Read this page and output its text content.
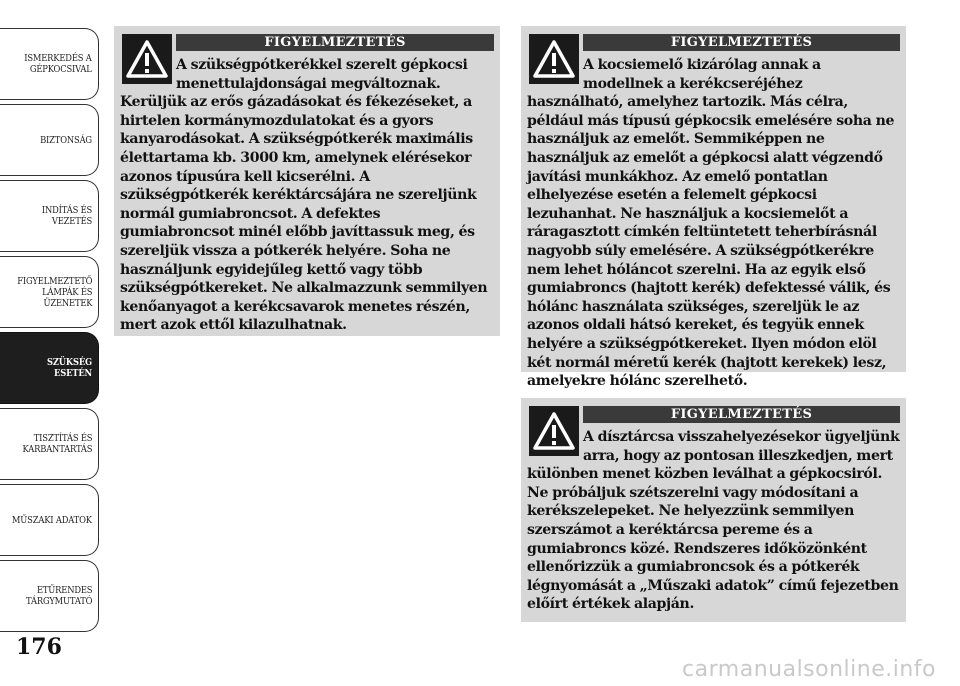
ISMERKEDÉS A
GÉPKOCSIVAL
BIZTONSÁG
INDÍTÁS ÉS
VEZETÉS
FIGYELMEZTETŐ
LÁMPÁK ÉS
ÜZENETEK
SZÜKSÉG ESETÉN
TISZTÍTÁS ÉS
KARBANTARTÁS
MŰSZAKI ADATOK
ETŰRENDES
TÁRGYMUTATÓ
176
FIGYELMEZTETÉS

A szükségpótkerékkel szerelt gépkocsi menettulajdonságai megváltoznak. Kerüljük az erős gázadásokat és fékezéseket, a hirtelen kormánymozdulatokat és a gyors kanyarodásokat. A szükségpótkerék maximális élettartama kb. 3000 km, amelynek elérésekor azonos típusúra kell kicserélni. A szükségpótkerék keréktárcsájára ne szereljünk normál gumiabroncsot. A defektes gumiabroncsot minél előbb javíttassuk meg, és szereljük vissza a pótkerék helyére. Soha ne használjunk egyidejűleg kettő vagy több szükségpótkereket. Ne alkalmazzunk semmilyen kenőanyagot a kerékcsavarok menetes részén, mert azok ettől kilazulhatnak.

FIGYELMEZTETÉS

A kocsiemelő kizárólag annak a modellnek a kerékcseréjéhez használható, amelyhez tartozik. Más célra, például más típusú gépkocsik emelésére soha ne használjuk az emelőt. Semmiképpen ne használjuk az emelőt a gépkocsi alatt végzendő javítási munkákhoz. Az emelő pontatlan elhelyezése esetén a felemelt gépkocsi lezuhanhat. Ne használjuk a kocsiemelőt a ráragasztott címkén feltüntetett teherbírásnál nagyobb súly emelésére. A szükségpótkerékre nem lehet hóláncot szerelni. Ha az egyik első gumiabroncs (hajtott kerék) defektessé válik, és hólánc használata szükséges, szereljük le az azonos oldali hátsó kereket, és tegyük ennek helyére a szükségpótkereket. Ilyen módon elöl két normál méretű kerék (hajtott kerekek) lesz, amelyekre hólánc szerelhető.

FIGYELMEZTETÉS

A dísztárcsa visszahelyezésekor ügyeljünk arra, hogy az pontosan illeszkedjen, mert különben menet közben leválhat a gépkocsiról. Ne próbáljuk szétszerelni vagy módosítani a kerékszelepeket. Ne helyezzünk semmilyen szerszámot a keréktárcsa pereme és a gumiabroncs közé. Rendszeres időközönként ellenőrizzük a gumiabroncsok és a pótkerék légnyomását a „Műszaki adatok” című fejezetben előírt értékek alapján.

carmanualsonline.info
